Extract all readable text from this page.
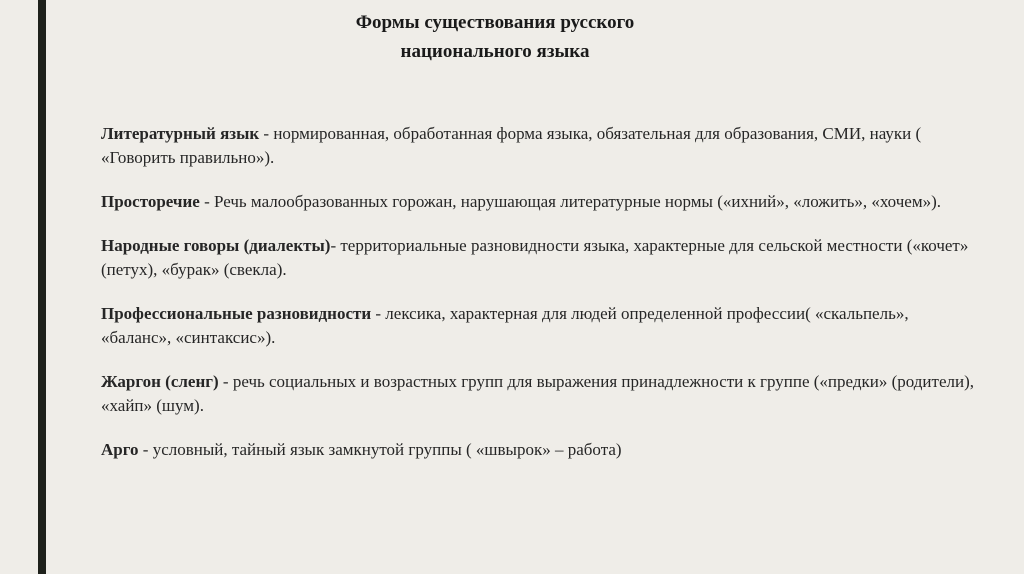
Формы существования русского
национального языка

Литературный язык - нормированная, обработанная форма языка, обязательная для образования, СМИ, науки ( «Говорить правильно»).

Просторечие - Речь малообразованных горожан, нарушающая литературные нормы («ихний», «ложить», «хочем»).

Народные говоры (диалекты)- территориальные разновидности языка, характерные для сельской местности («кочет» (петух), «бурак» (свекла).

Профессиональные разновидности - лексика, характерная для людей определенной профессии( «скальпель», «баланс», «синтаксис»).

Жаргон (сленг) - речь социальных и возрастных групп для выражения принадлежности к группе («предки» (родители), «хайп» (шум).

Арго - условный, тайный язык замкнутой группы ( «швырок» – работа)
